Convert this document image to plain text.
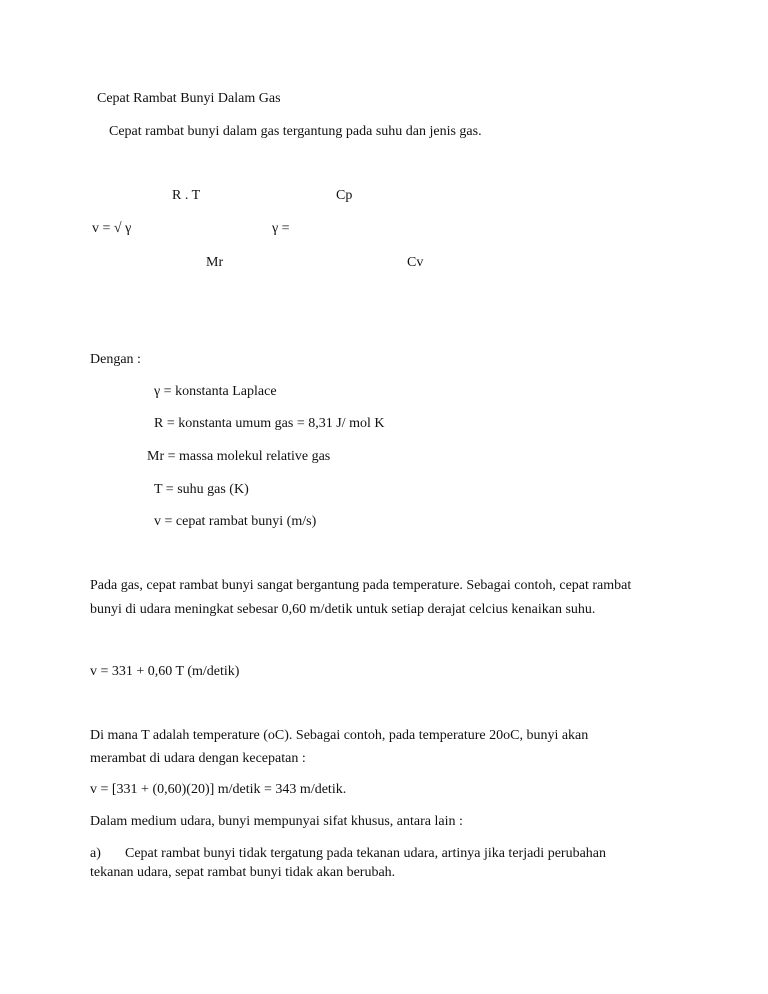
Cepat Rambat Bunyi Dalam Gas
Cepat rambat bunyi dalam gas tergantung pada suhu dan jenis gas.
R . T	Cp
v = √ γ	γ =
Mr	Cv
Dengan :
γ = konstanta Laplace
R = konstanta umum gas = 8,31 J/ mol K
Mr = massa molekul relative gas
T = suhu gas (K)
v = cepat rambat bunyi (m/s)
Pada gas, cepat rambat bunyi sangat bergantung pada temperature. Sebagai contoh, cepat rambat
bunyi di udara meningkat sebesar 0,60 m/detik untuk setiap derajat celcius kenaikan suhu.
v = 331 + 0,60 T (m/detik)
Di mana T adalah temperature (oC). Sebagai contoh, pada temperature 20oC, bunyi akan
merambat di udara dengan kecepatan :
v = [331 + (0,60)(20)] m/detik = 343 m/detik.
Dalam medium udara, bunyi mempunyai sifat khusus, antara lain :
a) Cepat rambat bunyi tidak tergatung pada tekanan udara, artinya jika terjadi perubahan
tekanan udara, sepat rambat bunyi tidak akan berubah.
